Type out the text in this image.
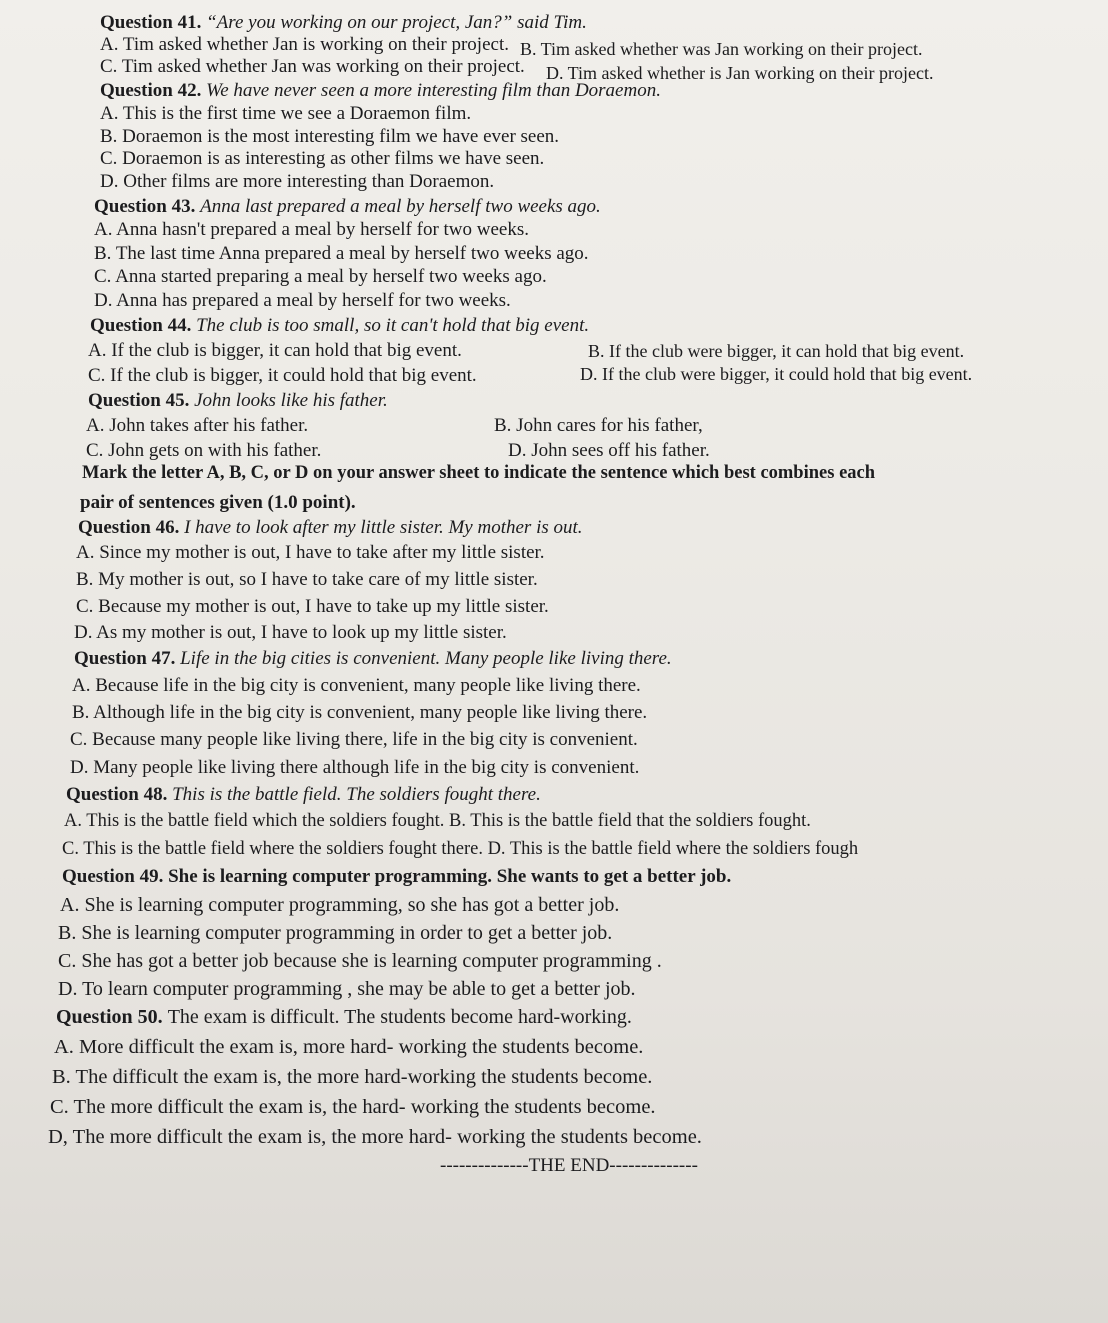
Question 41. “Are you working on our project, Jan?” said Tim.
A. Tim asked whether Jan is working on their project. B. Tim asked whether was Jan working on their project.
C. Tim asked whether Jan was working on their project. D. Tim asked whether is Jan working on their project.
Question 42. We have never seen a more interesting film than Doraemon.
A. This is the first time we see a Doraemon film.
B. Doraemon is the most interesting film we have ever seen.
C. Doraemon is as interesting as other films we have seen.
D. Other films are more interesting than Doraemon.
Question 43. Anna last prepared a meal by herself two weeks ago.
A. Anna hasn't prepared a meal by herself for two weeks.
B. The last time Anna prepared a meal by herself two weeks ago.
C. Anna started preparing a meal by herself two weeks ago.
D. Anna has prepared a meal by herself for two weeks.
Question 44. The club is too small, so it can't hold that big event.
A. If the club is bigger, it can hold that big event.	B. If the club were bigger, it can hold that big event.
C. If the club is bigger, it could hold that big event.	D. If the club were bigger, it could hold that big event.
Question 45. John looks like his father.
A. John takes after his father.	B. John cares for his father,
C. John gets on with his father.	D. John sees off his father.
Mark the letter A, B, C, or D on your answer sheet to indicate the sentence which best combines each
pair of sentences given (1.0 point).
Question 46. I have to look after my little sister. My mother is out.
A. Since my mother is out, I have to take after my little sister.
B. My mother is out, so I have to take care of my little sister.
C. Because my mother is out, I have to take up my little sister.
D. As my mother is out, I have to look up my little sister.
Question 47. Life in the big cities is convenient. Many people like living there.
A. Because life in the big city is convenient, many people like living there.
B. Although life in the big city is convenient, many people like living there.
C. Because many people like living there, life in the big city is convenient.
D. Many people like living there although life in the big city is convenient.
Question 48. This is the battle field. The soldiers fought there.
A. This is the battle field which the soldiers fought. B. This is the battle field that the soldiers fought.
C. This is the battle field where the soldiers fought there. D. This is the battle field where the soldiers fough
Question 49. She is learning computer programming. She wants to get a better job.
A. She is learning computer programming, so she has got a better job.
B. She is learning computer programming in order to get a better job.
C. She has got a better job because she is learning computer programming .
D. To learn computer programming , she may be able to get a better job.
Question 50. The exam is difficult. The students become hard-working.
A. More difficult the exam is, more hard- working the students become.
B. The difficult the exam is, the more hard-working the students become.
C. The more difficult the exam is, the hard- working the students become.
D, The more difficult the exam is, the more hard- working the students become.
--------------THE END--------------
